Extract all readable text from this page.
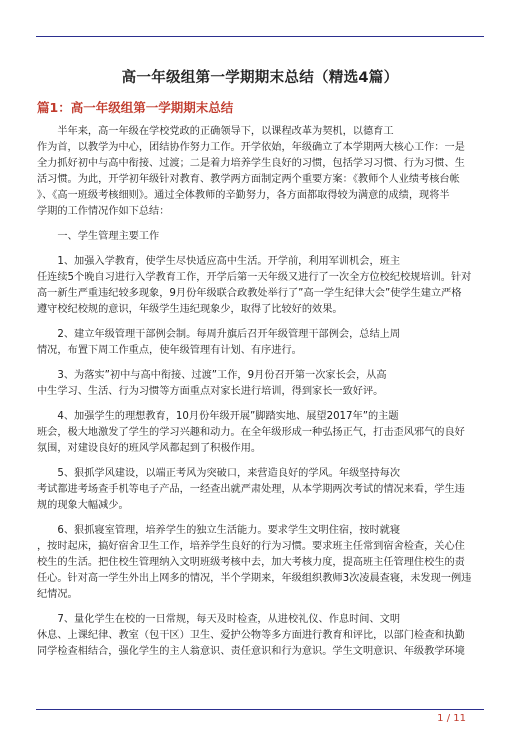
高一年级组第一学期期末总结（精选4篇）
篇1：高一年级组第一学期期末总结

　　半年来，高一年级在学校党政的正确领导下，以课程改革为契机，以德育工
作为首，以教学为中心，团结协作努力工作。开学依始，年级确立了本学期两大核心工作：一是
全力抓好初中与高中衔接、过渡；二是着力培养学生良好的习惯，包括学习习惯、行为习惯、生
活习惯。为此，开学初年级针对教育、教学两方面制定两个重要方案：《教师个人业绩考核台帐
》、《高一班级考核细则》。通过全体教师的辛勤努力，各方面都取得较为满意的成绩，现将半
学期的工作情况作如下总结：

　　一、学生管理主要工作

　　1、加强入学教育，使学生尽快适应高中生活。开学前，利用军训机会，班主
任连续5个晚自习进行入学教育工作，开学后第一天年级又进行了一次全方位校纪校规培训。针对
高一新生严重违纪较多现象，9月份年级联合政教处举行了”高一学生纪律大会”使学生建立严格
遵守校纪校规的意识，年级学生违纪现象少，取得了比较好的效果。

　　2、建立年级管理干部例会制。每周升旗后召开年级管理干部例会，总结上周
情况，布置下周工作重点，使年级管理有计划、有序进行。

　　3、为落实”初中与高中衔接、过渡”工作，9月份召开第一次家长会，从高
中生学习、生活、行为习惯等方面重点对家长进行培训，得到家长一致好评。

　　4、加强学生的理想教育，10月份年级开展”脚踏实地、展望2017年”的主题
班会，极大地激发了学生的学习兴趣和动力。在全年级形成一种弘扬正气，打击歪风邪气的良好
氛围，对建设良好的班风学风都起到了积极作用。

　　5、狠抓学风建设，以端正考风为突破口，来营造良好的学风。年级坚持每次
考试都进考场查手机等电子产品，一经查出就严肃处理，从本学期两次考试的情况来看，学生违
规的现象大幅减少。

　　6、狠抓寝室管理，培养学生的独立生活能力。要求学生文明住宿，按时就寝
，按时起床，搞好宿舍卫生工作，培养学生良好的行为习惯。要求班主任常到宿舍检查，关心住
校生的生活。把住校生管理纳入文明班级考核中去，加大考核力度，提高班主任管理住校生的责
任心。针对高一学生外出上网多的情况，半个学期来，年级组织教师3次凌晨查寝，未发现一例违
纪情况。

　　7、量化学生在校的一日常规，每天及时检查，从进校礼仪、作息时间、文明
休息、上课纪律、教室（包干区）卫生、爱护公物等多方面进行教育和评比，以部门检查和执勤
同学检查相结合，强化学生的主人翁意识、责任意识和行为意识。学生文明意识、年级教学环境

1 / 11
